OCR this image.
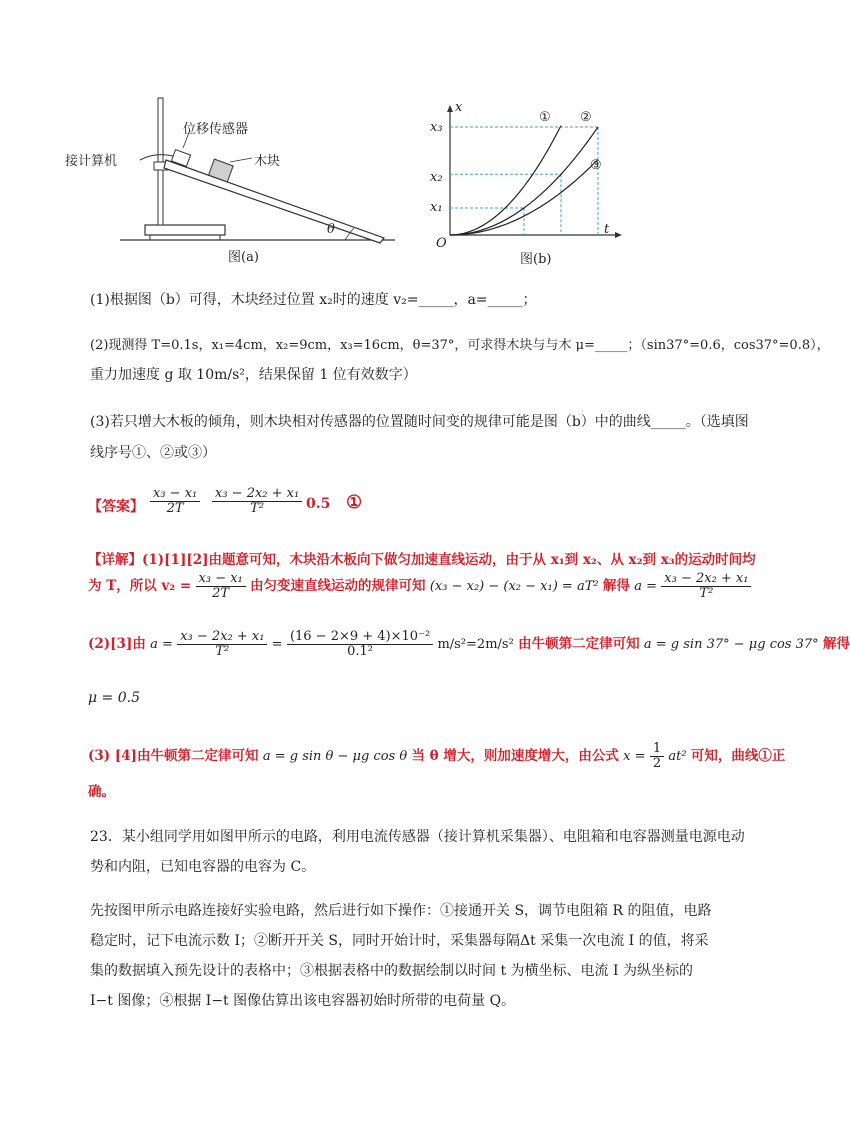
位移传感器
接计算机	木块
θ
图(a)
x
t
O
x₃
x₂
x₁
① ②
③
图(b)
(1)根据图（b）可得，木块经过位置 x₂时的速度 v₂=_____，a=_____；
(2)现测得 T=0.1s，x₁=4cm，x₂=9cm，x₃=16cm，θ=37°，可求得木块与与木 μ=_____；（sin37°=0.6，cos37°=0.8），
重力加速度 g 取 10m/s²，结果保留 1 位有效数字）
(3)若只增大木板的倾角，则木块相对传感器的位置随时间变的规律可能是图（b）中的曲线_____。（选填图
线序号①、②或③）
【答案】 $\frac{\text{x₃ − x₁}}{2T} \frac{\text{x₃ − 2x₂ + x₁}}{\text{T²}} 0.5$ ①
【详解】(1)[1][2]由题意可知，木块沿木板向下做匀加速直线运动，由于从 x₁到 x₂、从 x₂到 x₃的运动时间均
为 T，所以 $v_2 = \frac{\text{x₃ − x₁}}{2T}$ 由匀变速直线运动的规律可知 (x₃ − x₂) − (x₂ − x₁) = aT² 解得 $a = \frac{\text{x₃ − 2x₂ + x₁}}{\text{T²}}$
(2)[3]由 $a = \frac{\text{x₃ − 2x₂ + x₁}}{\text{T²}} = \frac{\text{(16 − 2×9 + 4)×10⁻²}}{\text{0.1²}} m/s^2=2m/s^2$ 由牛顿第二定律可知 a = g sin 37° − μg cos 37° 解得
μ = 0.5
(3) [4]由牛顿第二定律可知 a = g sin θ − μg cos θ 当 θ 增大，则加速度增大，由公式 $x = \frac{1}{2} at^2$ 可知，曲线①正
确。
23．某小组同学用如图甲所示的电路，利用电流传感器（接计算机采集器）、电阻箱和电容器测量电源电动
势和内阻，已知电容器的电容为 C。
先按图甲所示电路连接好实验电路，然后进行如下操作：①接通开关 S，调节电阻箱 R 的阻值，电路稳定时，记下电流示数 I；②断开开关 S，同时开始计时，采集器每隔Δt 采集一次电流 I 的值，将采集的数据填入预先设计的表格中；③根据表格中的数据绘制以时间 t 为横坐标、电流 I 为纵坐标的 I−t 图像；④根据 I−t 图像估算出该电容器初始时所带的电荷量 Q。
